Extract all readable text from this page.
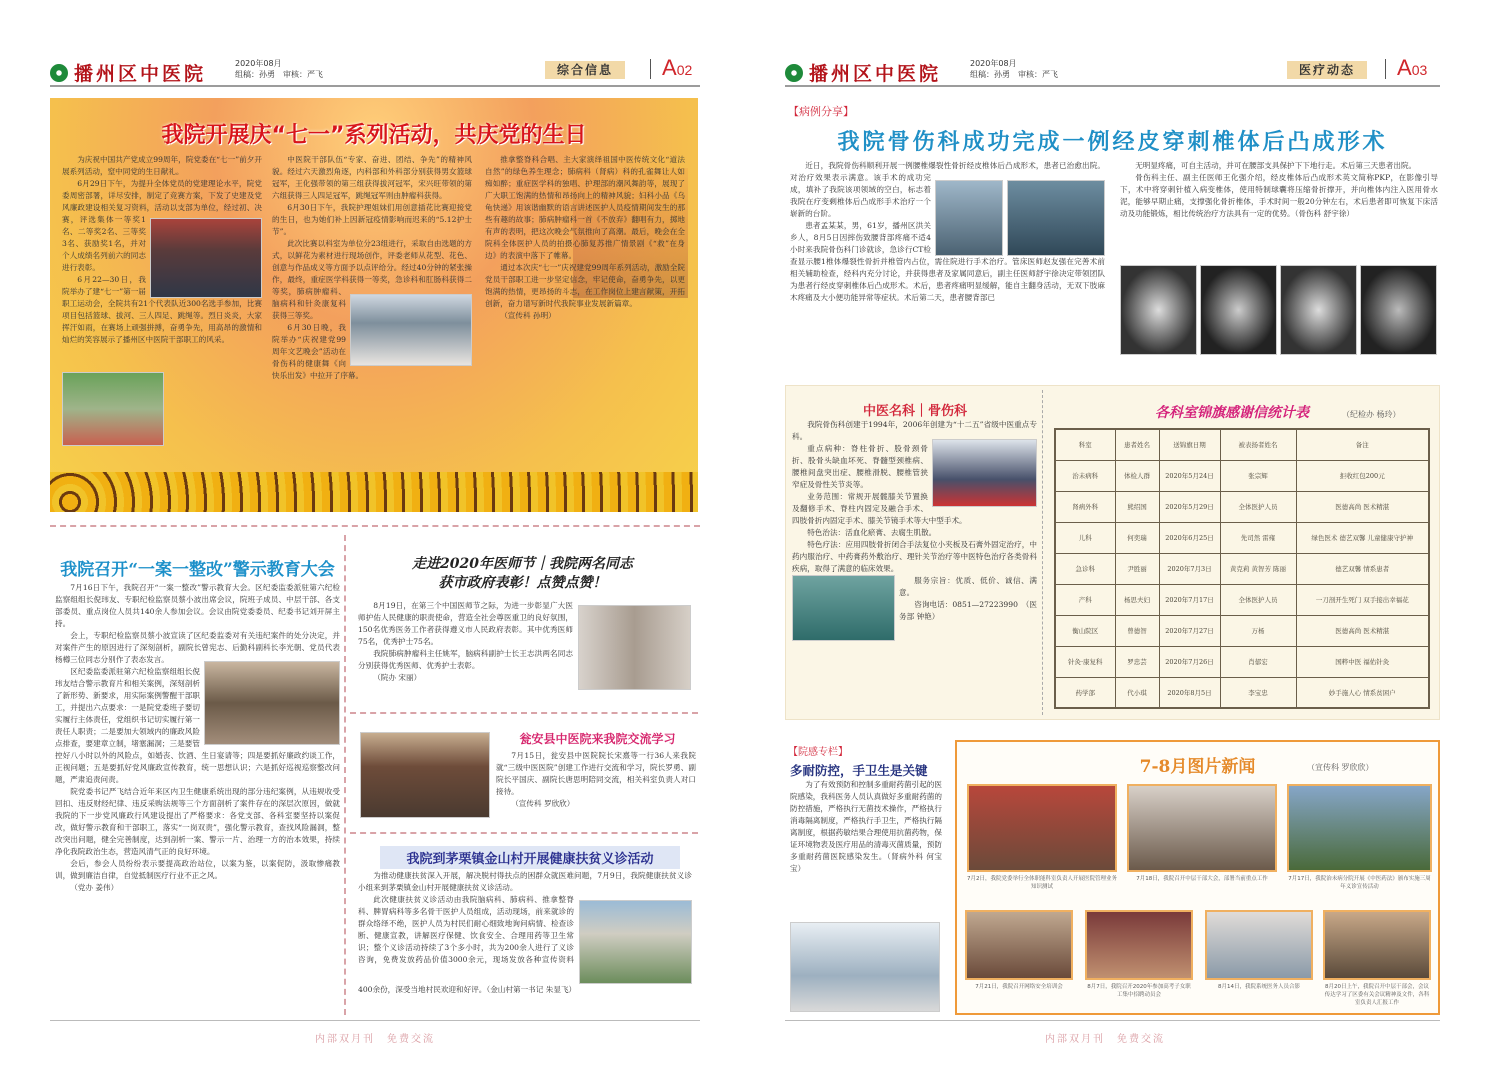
播州区中医院	2020年08月
组稿：孙勇　审核：严飞	综合信息	A02
我院开展庆“七一”系列活动，共庆党的生日

为庆祝中国共产党成立99周年，院党委在“七一”前夕开展系列活动，窒中同党的生日献礼。

6月29日下午，为提升全体党员的党建理论水平，院党委周密部署，详尽安排，制定了竞赛方案，下发了史建及党风廉政建设相关复习资料，活动以支部为单位，经过初、决赛，评选集体一等奖1名、二等奖2名、三等奖3名、获励奖1名，并对个人成绩名列前六的同志进行表彰。

6月22—30日，我院举办了建“七一”第一届职工运动会，全院共有21个代表队近300名选手参加，比赛项目包括篮球、拔河、三人四足、跳绳等。烈日炎炎，大家挥汗如雨，在赛场上顽强拼搏，奋勇争先，用高昂的激情和灿烂的笑容展示了播州区中医院干部职工的风采。

中医院干部队伍“专家、奋进、团结、争先”的精神风貌。经过六天激烈角逐，内科部和外科部分别获得男女篮球冠军，王化强带领的第三组获得拔河冠军，宋兴旺带领的第六组获得三人四足冠军，跳绳冠军则由肿瘤科获得。

6月30日下午，我院护理姐妹们用创意插花比赛迎接党的生日，也为她们补上因新冠疫情影响而迟来的“5.12护士节”。

此次比赛以科室为单位分23组进行，采取自由选题的方式，以鲜花为素材进行现场创作，评委老师从花型、花色、创意与作品成义等方面予以点评给分。经过40分钟的紧张操作，最终，重症医学科获得一等奖，急诊科和肛肠科获得二等奖，肺病肿瘤科、脑病科和针灸康复科获得三等奖。

6月30日晚，我院举办“庆祝建党99周年文艺晚会”活动在骨伤科的健康舞《向快乐出发》中拉开了序幕。

推拿整脊科合唱、主大家演绎祖国中医传统文化“道法自然”的绿色养生理念；肺病科（肾病）科的孔雀舞让人如痴如醉；重症医学科的独唱、护理部的潮风舞韵等，展现了广大职工饱满的热情和昂扬向上的精神风貌；妇科小品《乌龟快递》用该谐幽默的语言讲述医护人员疫情期间发生的那些有趣的故事；肺病肿瘤科一首《不放弃》翻唱有力，掷地有声的表明，把这次晚会气氛推向了高潮。最后，晚会在全院科全体医护人员的拍摄心肺复苏推广情景剧《“救”在身边》的表演中落下了帷幕。

通过本次庆“七一”庆祝建党99周年系列活动，激励全院党员干部职工进一步坚定信念，牢记使命，奋勇争先，以更饱满的热情，更昂扬的斗志，在工作岗位上建言献策，开拓创新，奋力谱写新时代我院事业发展新篇章。

（宣传科 孙明）

我院召开“一案一整改”警示教育大会

7月16日下午，我院召开“一案一整改”警示教育大会。区纪委监委派驻第六纪检监察组组长倪玮友、专职纪检监察员蔡小波出席会议，院班子成员、中层干部、各支部委员、重点岗位人员共140余人参加会议。会议由院党委委员、纪委书记刘开屏主持。

会上，专职纪检监察员蔡小波宣读了区纪委监委对有关违纪案件的处分决定，并对案件产生的原因进行了深刻剖析，副院长曾宪志、后勤科副科长李光朝、党员代表杨樽三位同志分别作了表态发言。

区纪委监委派驻第六纪检监察组组长倪玮友结合警示教育片和相关案例，深刻剖析了新形势、新要求，用实际案例警醒干部职工，并提出六点要求：一是院党委班子要切实履行主体责任，党组织书记切实履行第一责任人职责；二是要加大领域内的廉政风险点排查，要建章立制，堵塞漏洞；三是要管控好八小时以外的风险点，如婚丧、饮酒、生日宴请等；四是要抓好廉政约谈工作，正视问题；五是要抓好党风廉政宣传教育，统一思想认识；六是抓好巡视巡察整改问题，严肃追责问责。

院党委书记严飞结合近年来区内卫生健康系统出现的部分违纪案例，从违规收受回扣、违反财经纪律、违反采购法规等三个方面剖析了案件存在的深层次原因，做就我院的下一步党风廉政行风建设提出了严格要求：各党支部、各科室要坚持以案促改，做好警示教育和干部职工，落实“一岗双责”，强化警示教育，查找风险漏洞，整改突出问题，健全完善制度，达到剖析一案、警示一片、治理一方的治本效果，持续净化我院政治生态，营造风清气正的良好环境。

会后，参会人员纷纷表示要提高政治站位，以案为鉴，以案促防，汲取惨痛教训，做到廉洁自律，自觉抵制医疗行业不正之风。

（党办 姜伟）

走进2020年医师节｜我院两名同志
获市政府表彰！点赞点赞！

8月19日，在第三个中国医师节之际，为进一步彰显广大医师护佑人民健康的职责使命，营造全社会尊医重卫的良好氛围，150名优秀医务工作者获得遵义市人民政府表彰。其中优秀医师75名，优秀护士75名。

我院肺病肿瘤科主任姚军，脑病科副护士长王志洪两名同志分别获得优秀医师、优秀护士表彰。

（院办 宋丽）

瓮安县中医院来我院交流学习

7月15日，瓮安县中医院院长宋熹等一行36人来我院就“三级中医医院”创建工作进行交流和学习，院长罗勇、副院长平国庆、副院长唐思明陪同交流，相关科室负责人对口接待。

（宣传科 罗欣欣）

我院到茅栗镇金山村开展健康扶贫义诊活动

为推动健康扶贫深入开展，解决脱村得扶点的困群众就医难问题，7月9日，我院健康扶贫义诊小组来到茅栗镇金山村开展健康扶贫义诊活动。

此次健康扶贫义诊活动由我院脑病科、肺病科、推拿整脊科、脾胃病科等多名骨干医护人员组成，活动现场，前来就诊的群众络绎不绝，医护人员为村民们耐心细致地询问病情、检查诊断、健康宣教，讲解医疗保健、饮食安全、合理用药等卫生常识；整个义诊活动持续了3个多小时，共为200余人进行了义诊咨询，免费发放药品价值3000余元，现场发放各种宣传资料400余份，深受当地村民欢迎和好评。（金山村第一书记 朱显飞）

内部双月刊　免费交流
播州区中医院	2020年08月
组稿：孙勇　审核：严飞	医疗动态	A03
【病例分享】
我院骨伤科成功完成一例经皮穿刺椎体后凸成形术

近日，我院骨伤科顺利开展一例腰椎爆裂性骨折经皮椎体后凸成形术，患者已治愈出院。对治疗效果表示满意。该手术的成功完成，填补了我院该项领域的空白，标志着我院在疗变剩椎体后凸成形手术治疗一个崭新的台阶。

患者孟某某，男，61岁，播州区洪关乡人，8月5日因摔伤致腰背部疼痛不适4小时来我院骨伤科门诊就诊，急诊行CT检查显示腰1椎体爆裂性骨折并椎管内占位，需住院进行手术治疗。管床医师赵友强在完善术前相关辅助检查，经科内充分讨论，并获得患者及家属同意后，副主任医师舒宇徐决定带领团队为患者行经皮穿刺椎体后凸成形术。术后，患者疼痛明显缓解，能自主翻身活动，无双下肢麻木疼痛及大小便功能异常等症状。术后第二天，患者腰背部已

无明显疼痛，可自主活动，并可在腰部支具保护下下地行走。术后第三天患者出院。

骨伤科主任、副主任医师王化强介绍，经皮椎体后凸成形术英文简称PKP，在影像引导下，术中将穿刺针植入病变椎体，使用特制球囊将压缩骨折撑开，并向椎体内注入医用骨水泥，能够早期止痛，支撑强化骨折椎体，手术时间一般20分钟左右，术后患者即可恢复下床活动及功能锻炼，相比传统治疗方法具有一定的优势。（骨伤科 舒宇徐）

中医名科｜骨伤科

我院骨伤科创建于1994年，2006年创建为“十二五”省级中医重点专科。

重点病种：脊柱骨折、股骨颈骨折、股骨头缺血坏死、脊髓型颈椎病、腰椎间盘突出症、腰椎滑脱、腰椎管狭窄症及骨性关节炎等。

业务范围：常规开展髋膝关节置换及翻修手术、脊柱内固定及融合手术、四肢骨折内固定手术、膝关节镜手术等大中型手术。

特色治法：活血化瘀膏、去腐生肌散。

特色疗法：应用四肢骨折闭合手法复位小夹板及石膏外固定治疗，中药内服治疗、中药膏药外敷治疗、理针关节治疗等中医特色治疗各类骨科疾病，取得了满意的临床效果。

服务宗旨：优质、低价、诚信、满意。

咨询电话：0851—27223990　（医务部 钟艳）

各科室锦旗感谢信统计表	（纪检办 杨玲）
科室	患者姓名	送锦旗日期	被表扬者姓名	备注
治未病科	体检人群	2020年5月24日	张宗辉	拒收红包200元
肾病外科	熊绍国	2020年5月29日	全体医护人员	医德高尚 医术精湛
儿科	何奕瑞	2020年6月25日	先司然 雷雍	绿色医术 德艺双馨 儿童健康守护神
急诊科	尹胜丽	2020年7月3日	黄克莉 黄智芳 陈丽	德艺双馨 情系患者
产科	杨思夫妇	2020年7月17日	全体医护人员	一刀剖开生死门 双手接出幸福花
衡山院区	曾德智	2020年7月27日	万杨	医德高尚 医术精湛
针灸·康复科	罗忠芸	2020年7月26日	肖郁宏	国粹中医 福佑针灸
药学部	代小琪	2020年8月5日	李宝忠	妙手施人心 情系贫困户
【院感专栏】
多耐防控，手卫生是关键

为了有效预防和控制多重耐药菌引起的医院感染，我科医务人员认真做好多重耐药菌的防控措施，严格执行无菌技术操作，严格执行消毒隔离制度，严格执行手卫生，严格执行隔离制度，根据药敏结果合理使用抗菌药物，保证环境物表及医疗用品的清毒灭菌质量，预防多重耐药菌医院感染发生。（肾病外科 何宝宝）

7-8月图片新闻	（宣传科 罗欣欣）
7月2日，我院党委举行全体职能科室负责人开展医院管理业务知识测试
7月18日，我院召开中层干部大会，部署当前重点工作	7月17日，我院治未病分院开展《中医药法》颁布实施三周年义诊宣传活动
7月21日，我院召开网络安全培训会	8月7日，我院召开2020年参加高考子女职工集中招聘动员会
8月14日，我院系统医务人员合影	8月20日上午，我院召开中层干部会，会议传达学习了区委有关会议精神及文件，各科室负责人汇报工作
内部双月刊　免费交流
